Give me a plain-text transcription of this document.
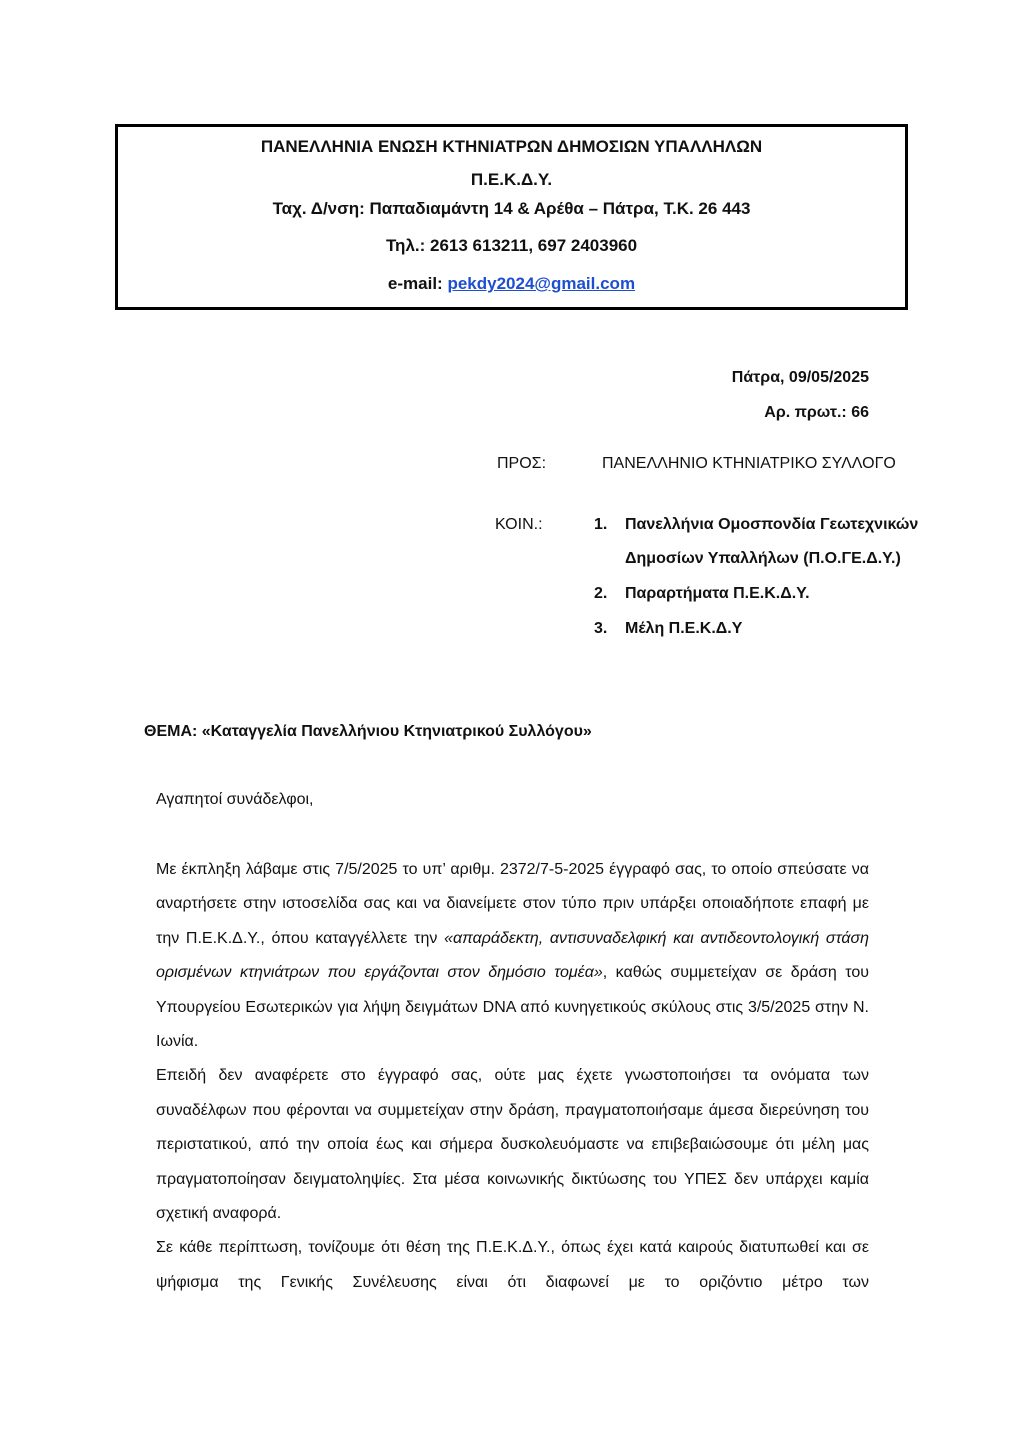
ΠΑΝΕΛΛΗΝΙΑ ΕΝΩΣΗ ΚΤΗΝΙΑΤΡΩΝ ΔΗΜΟΣΙΩΝ ΥΠΑΛΛΗΛΩΝ
Π.Ε.Κ.Δ.Υ.
Ταχ. Δ/νση: Παπαδιαμάντη 14 & Αρέθα – Πάτρα, Τ.Κ. 26 443
Τηλ.: 2613 613211, 697 2403960
e-mail: pekdy2024@gmail.com
Πάτρα, 09/05/2025
Αρ. πρωτ.: 66
ΠΡΟΣ:	ΠΑΝΕΛΛΗΝΙΟ ΚΤΗΝΙΑΤΡΙΚΟ ΣΥΛΛΟΓΟ
ΚΟΙΝ.:	1. Πανελλήνια Ομοσπονδία Γεωτεχνικών
Δημοσίων Υπαλλήλων (Π.Ο.ΓΕ.Δ.Υ.)
2. Παραρτήματα Π.Ε.Κ.Δ.Υ.
3. Μέλη Π.Ε.Κ.Δ.Υ
ΘΕΜΑ: «Καταγγελία Πανελλήνιου Κτηνιατρικού Συλλόγου»
Αγαπητοί συνάδελφοι,

Με έκπληξη λάβαμε στις 7/5/2025 το υπ’ αριθμ. 2372/7-5-2025 έγγραφό σας, το οποίο σπεύσατε να αναρτήσετε στην ιστοσελίδα σας και να διανείμετε στον τύπο πριν υπάρξει οποιαδήποτε επαφή με την Π.Ε.Κ.Δ.Υ., όπου καταγγέλλετε την «απαράδεκτη, αντισυναδελφική και αντιδεοντολογική στάση ορισμένων κτηνιάτρων που εργάζονται στον δημόσιο τομέα», καθώς συμμετείχαν σε δράση του Υπουργείου Εσωτερικών για λήψη δειγμάτων DNA από κυνηγετικούς σκύλους στις 3/5/2025 στην Ν. Ιωνία.

Επειδή δεν αναφέρετε στο έγγραφό σας, ούτε μας έχετε γνωστοποιήσει τα ονόματα των συναδέλφων που φέρονται να συμμετείχαν στην δράση, πραγματοποιήσαμε άμεσα διερεύνηση του περιστατικού, από την οποία έως και σήμερα δυσκολευόμαστε να επιβεβαιώσουμε ότι μέλη μας πραγματοποίησαν δειγματοληψίες. Στα μέσα κοινωνικής δικτύωσης του ΥΠΕΣ δεν υπάρχει καμία σχετική αναφορά.

Σε κάθε περίπτωση, τονίζουμε ότι θέση της Π.Ε.Κ.Δ.Υ., όπως έχει κατά καιρούς διατυπωθεί και σε ψήφισμα της Γενικής Συνέλευσης είναι ότι διαφωνεί με το οριζόντιο μέτρο των
